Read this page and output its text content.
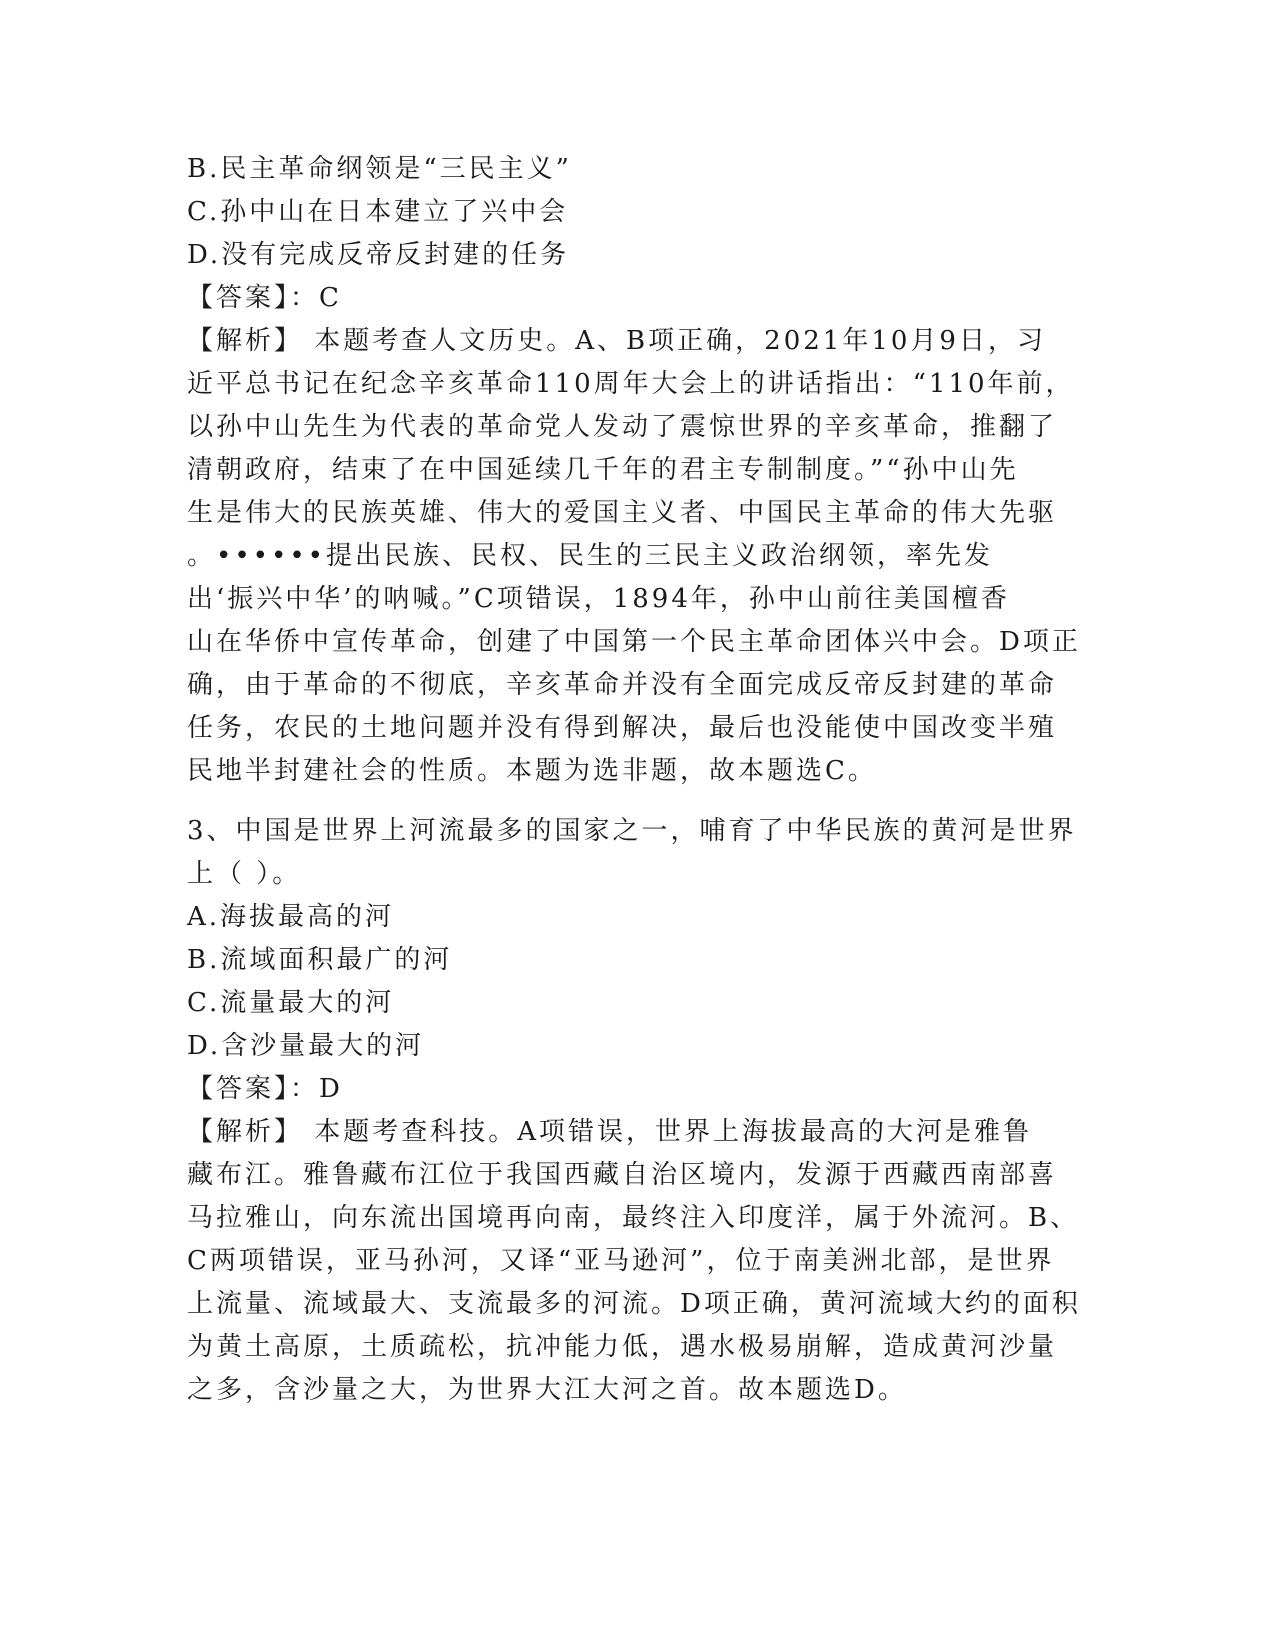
B.民主革命纲领是“三民主义”
C.孙中山在日本建立了兴中会
D.没有完成反帝反封建的任务
【答案】：C
【解析】 本题考查人文历史。A、B项正确，2021年10月9日，习
近平总书记在纪念辛亥革命110周年大会上的讲话指出：“110年前，
以孙中山先生为代表的革命党人发动了震惊世界的辛亥革命，推翻了
清朝政府，结束了在中国延续几千年的君主专制制度。”“孙中山先
生是伟大的民族英雄、伟大的爱国主义者、中国民主革命的伟大先驱
。••••••提出民族、民权、民生的三民主义政治纲领，率先发
出‘振兴中华’的呐喊。”C项错误，1894年，孙中山前往美国檀香
山在华侨中宣传革命，创建了中国第一个民主革命团体兴中会。D项正
确，由于革命的不彻底，辛亥革命并没有全面完成反帝反封建的革命
任务，农民的土地问题并没有得到解决，最后也没能使中国改变半殖
民地半封建社会的性质。本题为选非题，故本题选C。
3、中国是世界上河流最多的国家之一，哺育了中华民族的黄河是世界
上（ ）。
A.海拔最高的河
B.流域面积最广的河
C.流量最大的河
D.含沙量最大的河
【答案】：D
【解析】 本题考查科技。A项错误，世界上海拔最高的大河是雅鲁
藏布江。雅鲁藏布江位于我国西藏自治区境内，发源于西藏西南部喜
马拉雅山，向东流出国境再向南，最终注入印度洋，属于外流河。B、
C两项错误，亚马孙河，又译“亚马逊河”，位于南美洲北部，是世界
上流量、流域最大、支流最多的河流。D项正确，黄河流域大约的面积
为黄土高原，土质疏松，抗冲能力低，遇水极易崩解，造成黄河沙量
之多，含沙量之大，为世界大江大河之首。故本题选D。
